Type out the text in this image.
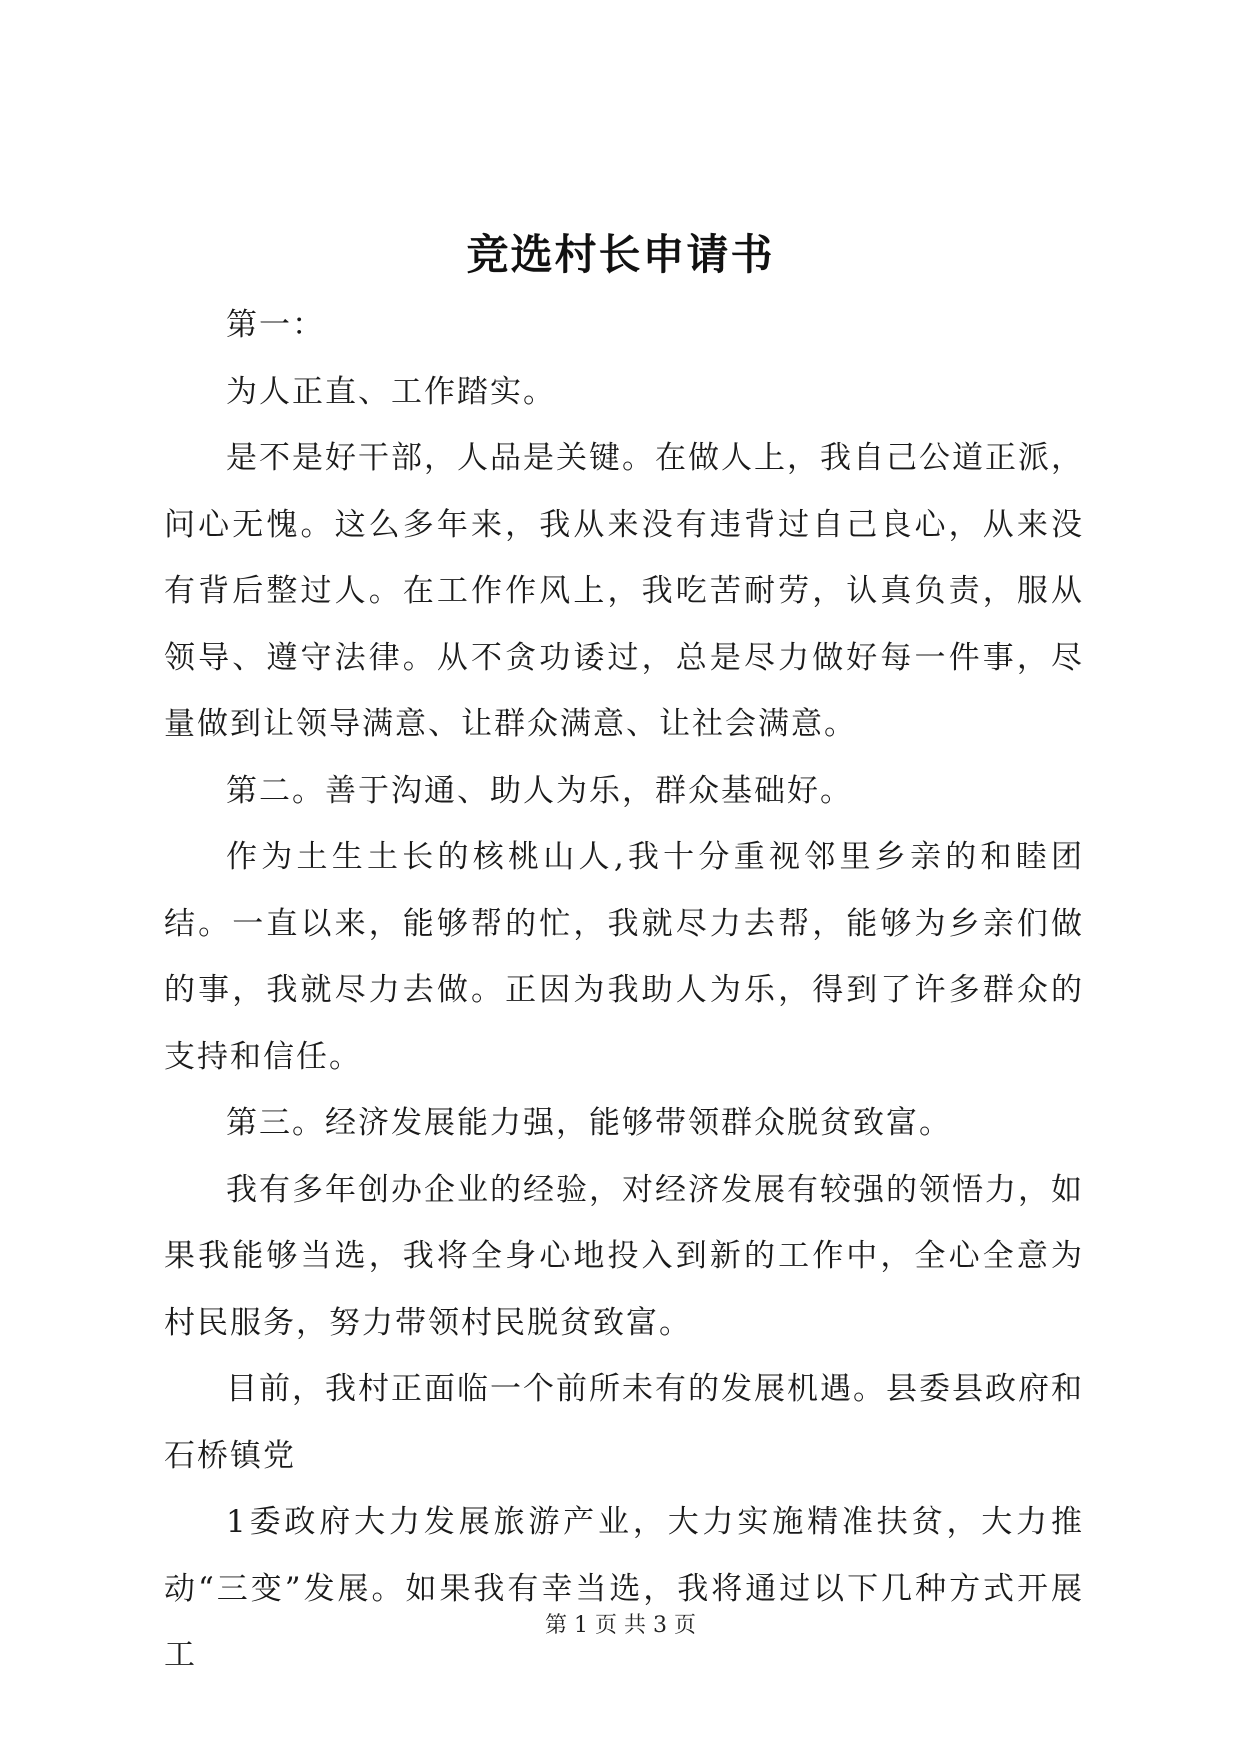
竞选村长申请书

第一：

为人正直、工作踏实。

是不是好干部，人品是关键。在做人上，我自己公道正派，问心无愧。这么多年来，我从来没有违背过自己良心，从来没有背后整过人。在工作作风上，我吃苦耐劳，认真负责，服从领导、遵守法律。从不贪功诿过，总是尽力做好每一件事，尽量做到让领导满意、让群众满意、让社会满意。

第二。善于沟通、助人为乐，群众基础好。

作为土生土长的核桃山人,我十分重视邻里乡亲的和睦团结。一直以来，能够帮的忙，我就尽力去帮，能够为乡亲们做的事，我就尽力去做。正因为我助人为乐，得到了许多群众的支持和信任。

第三。经济发展能力强，能够带领群众脱贫致富。

我有多年创办企业的经验，对经济发展有较强的领悟力，如果我能够当选，我将全身心地投入到新的工作中，全心全意为村民服务，努力带领村民脱贫致富。

目前，我村正面临一个前所未有的发展机遇。县委县政府和石桥镇党

1委政府大力发展旅游产业，大力实施精准扶贫，大力推动“三变”发展。如果我有幸当选，我将通过以下几种方式开展工

第 1 页 共 3 页
